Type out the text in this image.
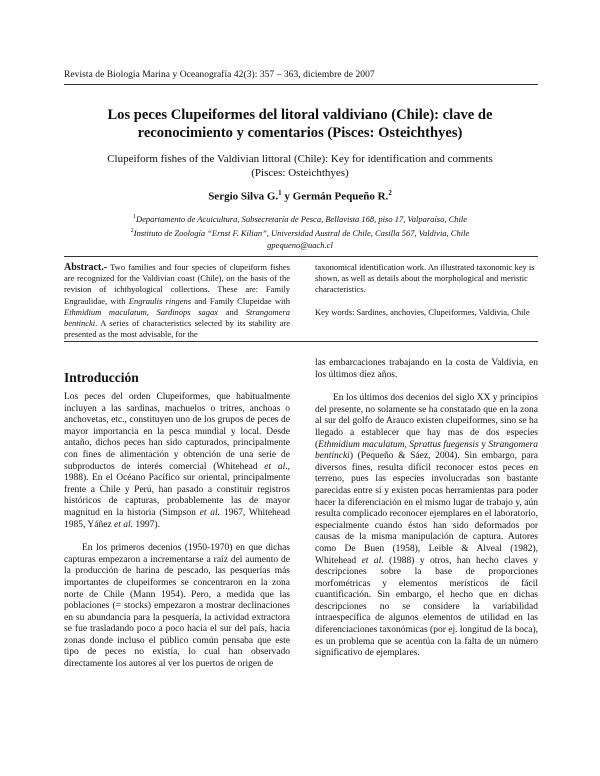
Revista de Biología Marina y Oceanografía 42(3): 357 – 363, diciembre de 2007
Los peces Clupeiformes del litoral valdiviano (Chile): clave de
reconocimiento y comentarios (Pisces: Osteichthyes)
Clupeiform fishes of the Valdivian littoral (Chile): Key for identification and comments
(Pisces: Osteichthyes)
Sergio Silva G.$^1$ y Germán Pequeño R.$^2$
$^1$Departamento de Acuicultura, Subsecretaría de Pesca, Bellavista 168, piso 17, Valparaíso, Chile
$^2$Instituto de Zoología “Ernst F. Kilian”, Universidad Austral de Chile, Casilla 567, Valdivia, Chile
gpequeno@uach.cl

Abstract.- Two families and four species of clupeiform fishes are recognized for the Valdivian coast (Chile), on the basis of the revision of ichthyological collections. These are: Family Engraulidae, with Engraulis ringens and Family Clupeidae with Ethmidium maculatum, Sardinops sagax and Strangomera bentincki. A series of characteristics selected by its stability are presented as the most advisable, for the

taxonomical identification work. An illustrated taxonomic key is shown, as well as details about the morphological and meristic characteristics.

Key words: Sardines, anchovies, Clupeiformes, Valdivia, Chile

Introducción

Los peces del orden Clupeiformes, que habitualmente incluyen a las sardinas, machuelos o tritres, anchoas o anchovetas, etc., constituyen uno de los grupos de peces de mayor importancia en la pesca mundial y local. Desde antaño, dichos peces han sido capturados, principalmente con fines de alimentación y obtención de una serie de subproductos de interés comercial (Whitehead et al., 1988). En el Océano Pacífico sur oriental, principalmente frente a Chile y Perú, han pasado a constituir registros históricos de capturas, probablemente las de mayor magnitud en la historia (Simpson et al. 1967, Whitehead 1985, Yáñez et al. 1997).

En los primeros decenios (1950-1970) en que dichas capturas empezaron a incrementarse a raíz del aumento de la producción de harina de pescado, las pesquerías más importantes de clupeiformes se concentraron en la zona norte de Chile (Mann 1954). Pero, a medida que las poblaciones (= stocks) empezaron a mostrar declinaciones en su abundancia para la pesquería, la actividad extractora se fue trasladando poco a poco hacia el sur del país, hacia zonas donde incluso el público común pensaba que este tipo de peces no existía, lo cual han observado directamente los autores al ver los puertos de origen de

las embarcaciones trabajando en la costa de Valdivia, en los últimos diez años.

En los últimos dos decenios del siglo XX y principios del presente, no solamente se ha constatado que en la zona al sur del golfo de Arauco existen clupeiformes, sino se ha llegado a establecer que hay mas de dos especies (Ethmidium maculatum, Sprattus fuegensis y Strangomera bentincki) (Pequeño & Sáez, 2004). Sin embargo, para diversos fines, resulta difícil reconocer estos peces en terreno, pues las especies involucradas son bastante parecidas entre sí y existen pocas herramientas para poder hacer la diferenciación en el mismo lugar de trabajo y, aún resulta complicado reconocer ejemplares en el laboratorio, especialmente cuando éstos han sido deformados por causas de la misma manipulación de captura. Autores como De Buen (1958), Leible & Alveal (1982), Whitehead et al. (1988) y otros, han hecho claves y descripciones sobre la base de proporciones morfométricas y elementos merísticos de fácil cuantificación. Sin embargo, el hecho que en dichas descripciones no se considere la variabilidad intraespecífica de algunos elementos de utilidad en las diferenciaciones taxonómicas (por ej. longitud de la boca), es un problema que se acentúa con la falta de un número significativo de ejemplares.
